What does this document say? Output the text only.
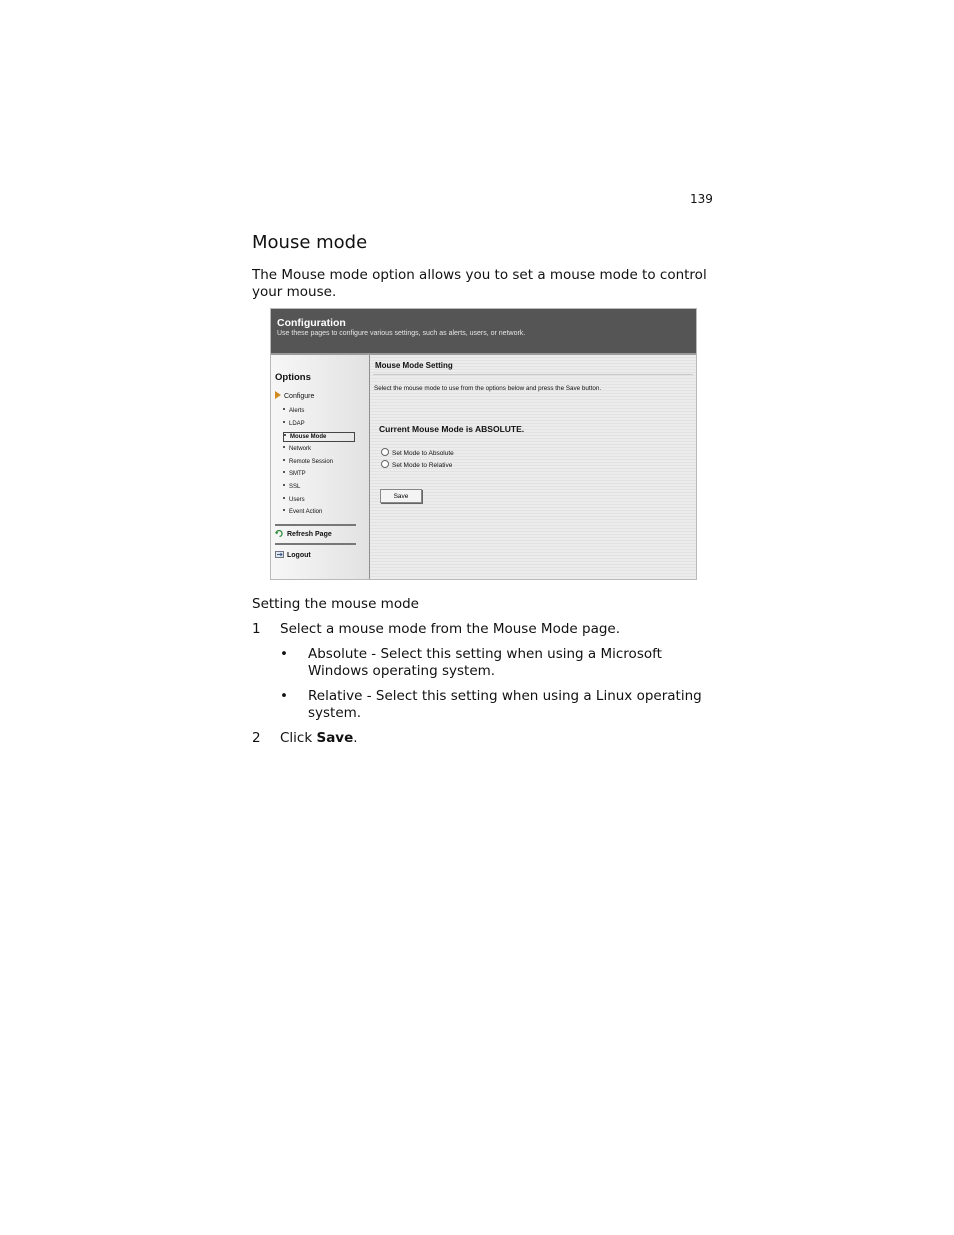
139
Mouse mode

The Mouse mode option allows you to set a mouse mode to control your mouse.

Configuration
Use these pages to configure various settings, such as alerts, users, or network.
Options
Configure
Alerts
LDAP
Mouse Mode
Network
Remote Session
SMTP
SSL
Users
Event Action
Refresh Page
Logout
Mouse Mode Setting
Select the mouse mode to use from the options below and press the Save button.
Current Mouse Mode is ABSOLUTE.
Set Mode to Absolute
Set Mode to Relative
Save

Setting the mouse mode

1 Select a mouse mode from the Mouse Mode page.
• Absolute - Select this setting when using a Microsoft Windows operating system.
• Relative - Select this setting when using a Linux operating system.
2 Click Save.
